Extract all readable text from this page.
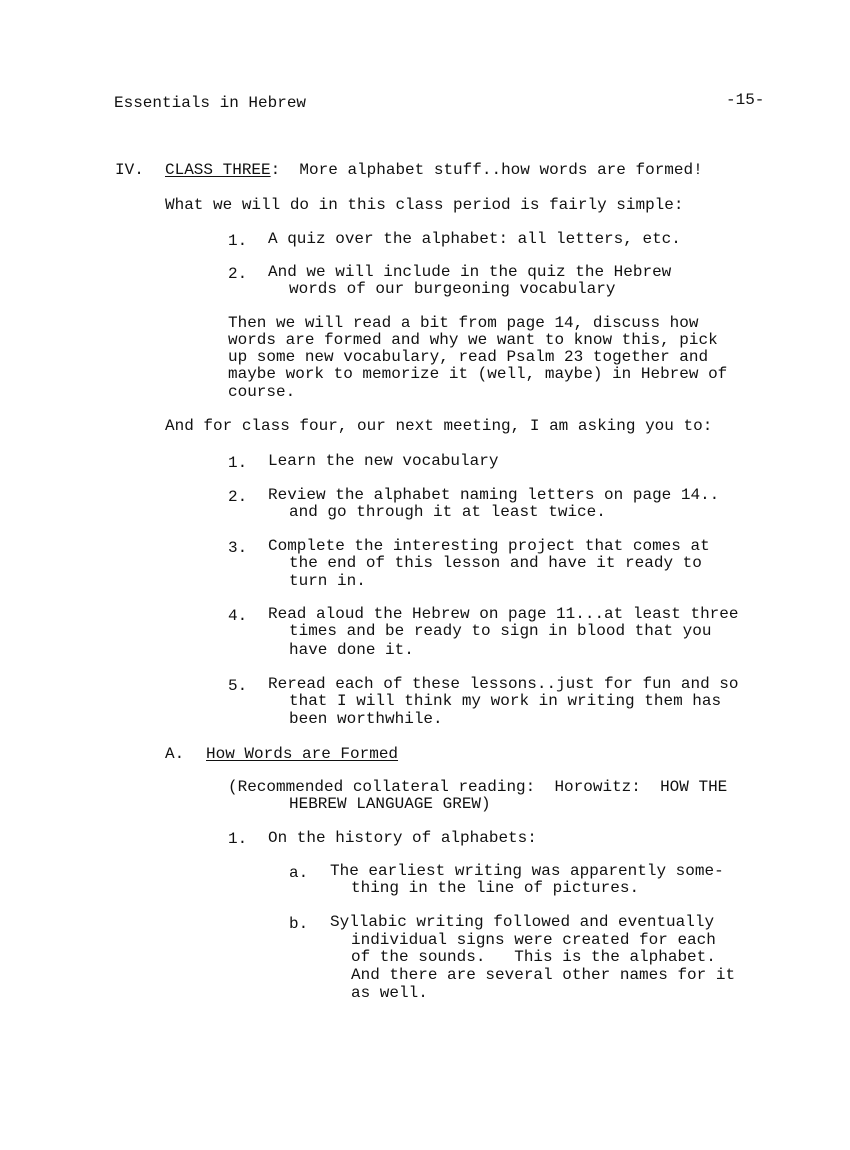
Essentials in Hebrew	-15-
IV. CLASS THREE:  More alphabet stuff..how words are formed!
What we will do in this class period is fairly simple:
1. A quiz over the alphabet: all letters, etc.
2. And we will include in the quiz the Hebrew
words of our burgeoning vocabulary
Then we will read a bit from page 14, discuss how
words are formed and why we want to know this, pick
up some new vocabulary, read Psalm 23 together and
maybe work to memorize it (well, maybe) in Hebrew of
course.
And for class four, our next meeting, I am asking you to:
1. Learn the new vocabulary
2. Review the alphabet naming letters on page 14..
and go through it at least twice.
3. Complete the interesting project that comes at
the end of this lesson and have it ready to
turn in.
4. Read aloud the Hebrew on page 11...at least three
times and be ready to sign in blood that you
have done it.
5. Reread each of these lessons..just for fun and so
that I will think my work in writing them has
been worthwhile.
A. How Words are Formed
(Recommended collateral reading:  Horowitz:  HOW THE
HEBREW LANGUAGE GREW)
1. On the history of alphabets:
a. The earliest writing was apparently some-
thing in the line of pictures.
b. Syllabic writing followed and eventually
individual signs were created for each
of the sounds.   This is the alphabet.
And there are several other names for it
as well.
